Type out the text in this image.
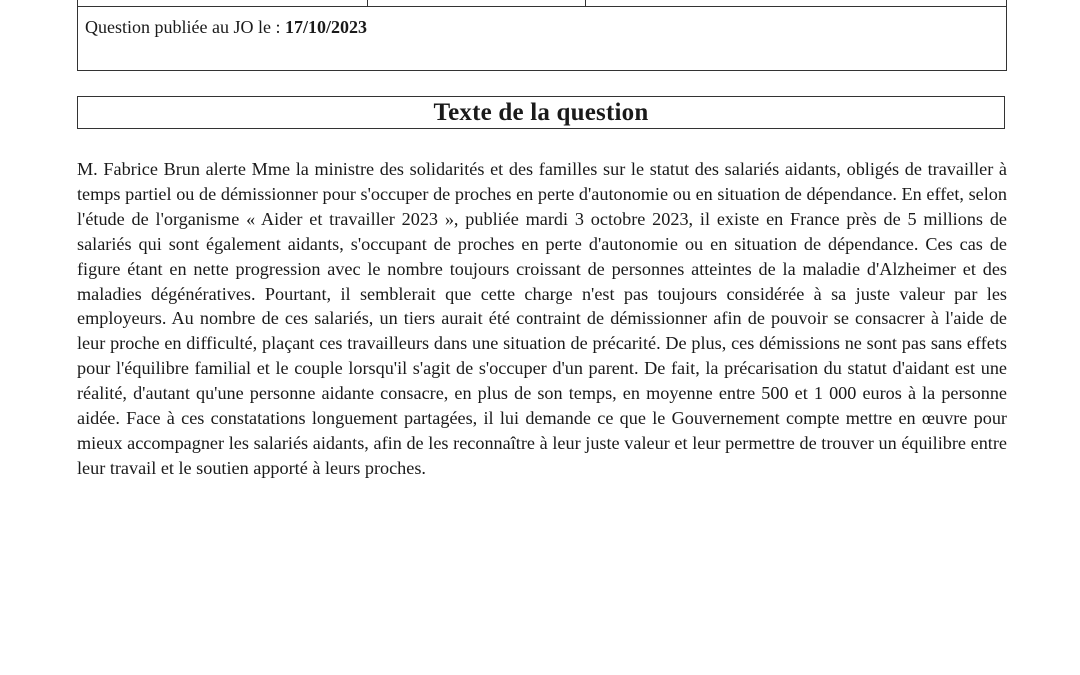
Question publiée au JO le : 17/10/2023
Texte de la question

M. Fabrice Brun alerte Mme la ministre des solidarités et des familles sur le statut des salariés aidants, obligés de travailler à temps partiel ou de démissionner pour s'occuper de proches en perte d'autonomie ou en situation de dépendance. En effet, selon l'étude de l'organisme « Aider et travailler 2023 », publiée mardi 3 octobre 2023, il existe en France près de 5 millions de salariés qui sont également aidants, s'occupant de proches en perte d'autonomie ou en situation de dépendance. Ces cas de figure étant en nette progression avec le nombre toujours croissant de personnes atteintes de la maladie d'Alzheimer et des maladies dégénératives. Pourtant, il semblerait que cette charge n'est pas toujours considérée à sa juste valeur par les employeurs. Au nombre de ces salariés, un tiers aurait été contraint de démissionner afin de pouvoir se consacrer à l'aide de leur proche en difficulté, plaçant ces travailleurs dans une situation de précarité. De plus, ces démissions ne sont pas sans effets pour l'équilibre familial et le couple lorsqu'il s'agit de s'occuper d'un parent. De fait, la précarisation du statut d'aidant est une réalité, d'autant qu'une personne aidante consacre, en plus de son temps, en moyenne entre 500 et 1 000 euros à la personne aidée. Face à ces constatations longuement partagées, il lui demande ce que le Gouvernement compte mettre en œuvre pour mieux accompagner les salariés aidants, afin de les reconnaître à leur juste valeur et leur permettre de trouver un équilibre entre leur travail et le soutien apporté à leurs proches.
